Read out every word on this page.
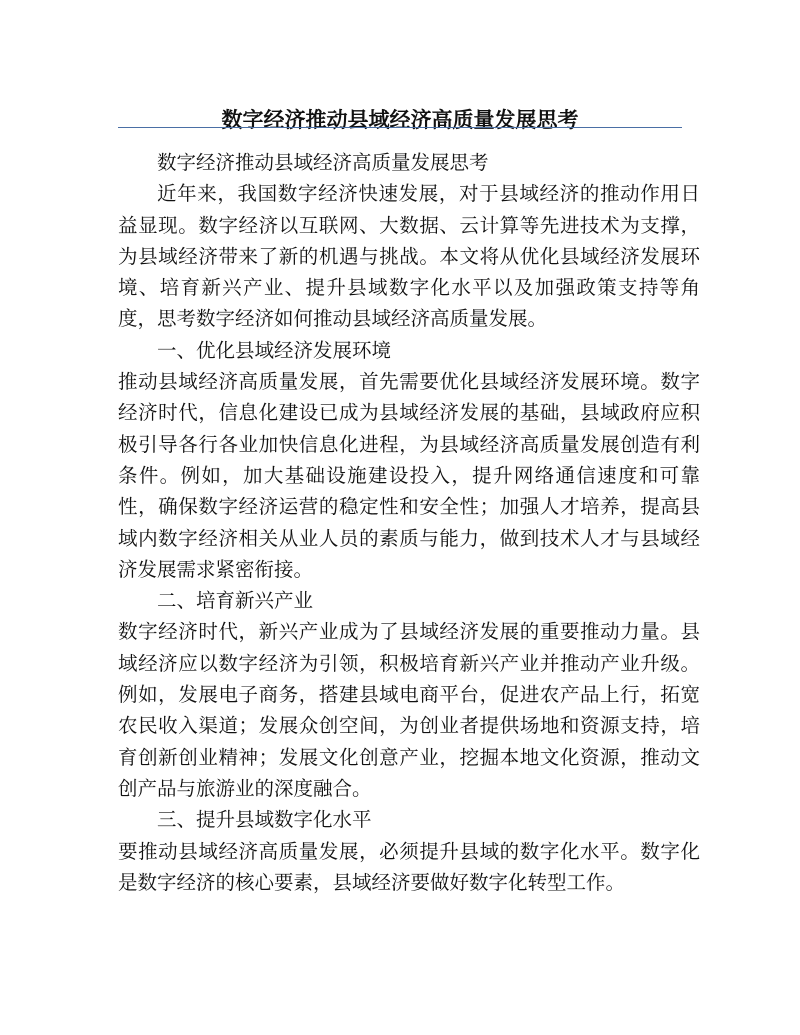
数字经济推动县域经济高质量发展思考

数字经济推动县域经济高质量发展思考

近年来，我国数字经济快速发展，对于县域经济的推动作用日益显现。数字经济以互联网、大数据、云计算等先进技术为支撑，为县域经济带来了新的机遇与挑战。本文将从优化县域经济发展环境、培育新兴产业、提升县域数字化水平以及加强政策支持等角度，思考数字经济如何推动县域经济高质量发展。

一、优化县域经济发展环境

推动县域经济高质量发展，首先需要优化县域经济发展环境。数字经济时代，信息化建设已成为县域经济发展的基础，县域政府应积极引导各行各业加快信息化进程，为县域经济高质量发展创造有利条件。例如，加大基础设施建设投入，提升网络通信速度和可靠性，确保数字经济运营的稳定性和安全性；加强人才培养，提高县域内数字经济相关从业人员的素质与能力，做到技术人才与县域经济发展需求紧密衔接。

二、培育新兴产业

数字经济时代，新兴产业成为了县域经济发展的重要推动力量。县域经济应以数字经济为引领，积极培育新兴产业并推动产业升级。例如，发展电子商务，搭建县域电商平台，促进农产品上行，拓宽农民收入渠道；发展众创空间，为创业者提供场地和资源支持，培育创新创业精神；发展文化创意产业，挖掘本地文化资源，推动文创产品与旅游业的深度融合。

三、提升县域数字化水平

要推动县域经济高质量发展，必须提升县域的数字化水平。数字化是数字经济的核心要素，县域经济要做好数字化转型工作。
